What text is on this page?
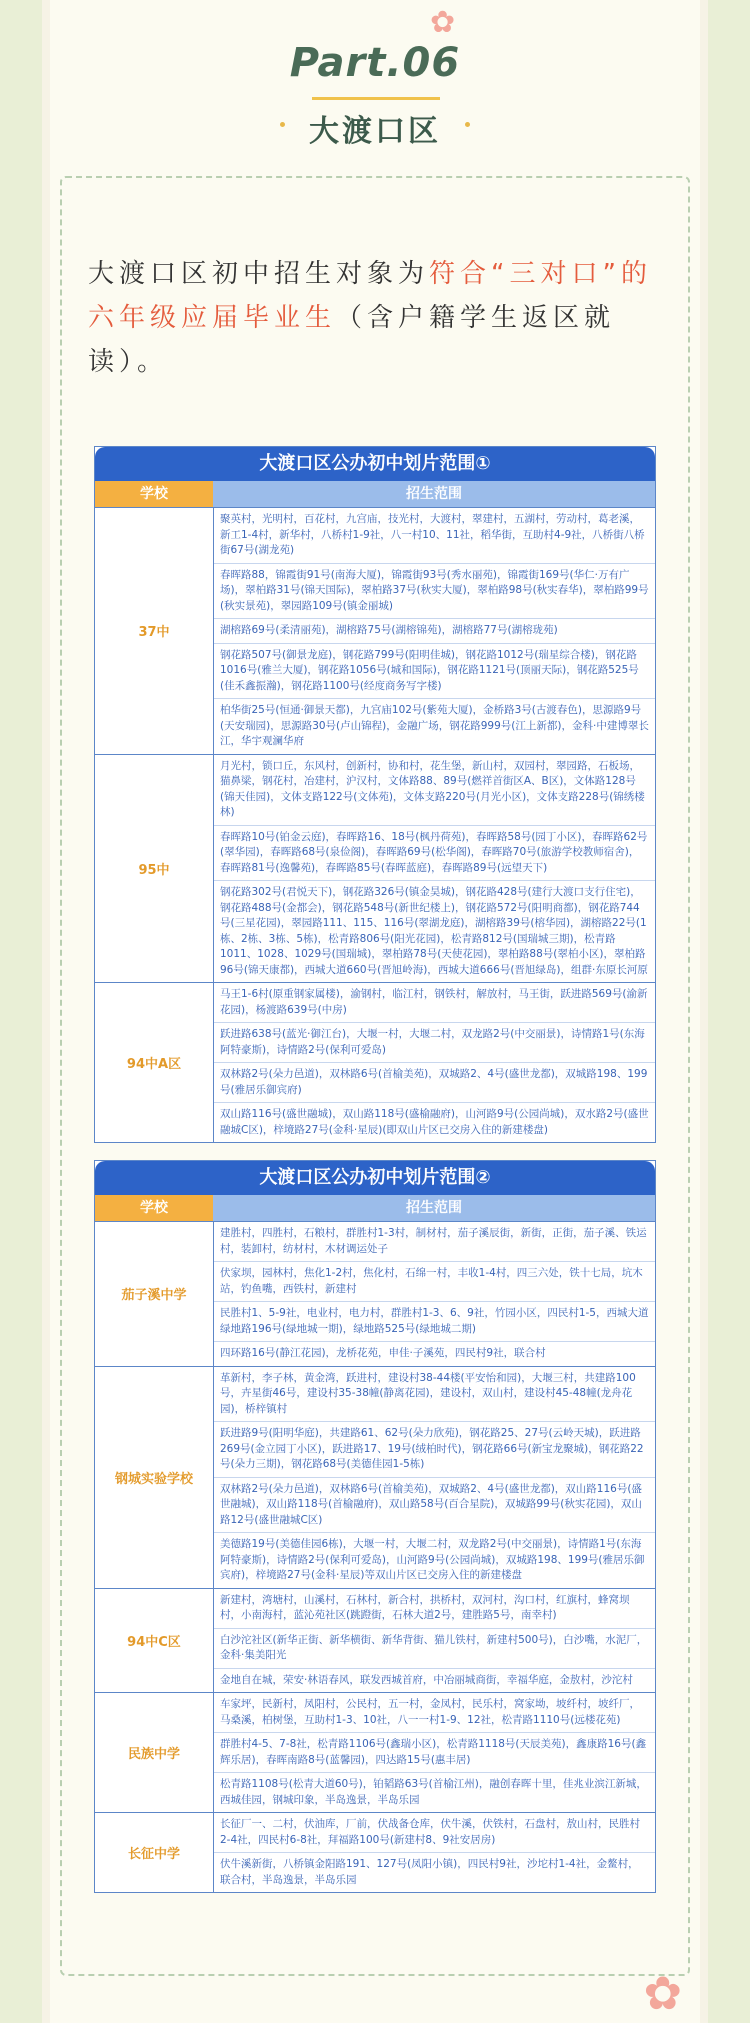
✿
Part.06
大渡口区
大渡口区初中招生对象为符合“三对口”的六年级应届毕业生（含户籍学生返区就读）。
大渡口区公办初中划片范围①
学校	招生范围
37中
聚英村，光明村，百花村，九宫庙，技光村，大渡村，翠建村，五湖村，劳动村，葛老溪，新工1-4村，新华村，八桥村1-9社，八一村10、11社，稻华街，互助村4-9社，八桥街八桥街67号(湖龙苑)
春晖路88，锦霞街91号(南海大厦)，锦霞街93号(秀水丽苑)，锦霞街169号(华仁·万有广场)，翠柏路31号(锦天国际)，翠柏路37号(秋实大厦)，翠柏路98号(秋实春华)，翠柏路99号(秋实景苑)，翠园路109号(镇金丽城)
湖榕路69号(柔清丽苑)，湖榕路75号(湖榕锦苑)，湖榕路77号(湖榕珑苑)
钢花路507号(御景龙庭)，钢花路799号(阳明佳城)，钢花路1012号(瑞星综合楼)，钢花路1016号(雅兰大厦)，钢花路1056号(城和国际)，钢花路1121号(顶丽天际)，钢花路525号(佳禾鑫振瀚)，钢花路1100号(经度商务写字楼)
柏华街25号(恒通·御景天都)，九宫庙102号(紫苑大厦)，金桥路3号(古渡春色)，思源路9号(天安瑞园)，思源路30号(卢山锦程)，金融广场，钢花路999号(江上新都)，金科·中建博翠长江，华宇观澜华府
95中
月光村，锁口丘，东风村，创新村，协和村，花生堡，新山村，双园村，翠园路，石板场，猫鼻梁，钢花村，冶建村，沪汉村，文体路88、89号(燃祥首街区A、B区)，文体路128号(锦天佳园)，文体支路122号(文体苑)，文体支路220号(月光小区)，文体支路228号(锦绣楼林)
春晖路10号(铂金云庭)，春晖路16、18号(枫丹荷苑)，春晖路58号(园丁小区)，春晖路62号(翠华园)，春晖路68号(泉俭阁)，春晖路69号(松华阁)，春晖路70号(旅游学校教师宿舍)，春晖路81号(逸馨苑)，春晖路85号(春晖蓝庭)，春晖路89号(远望天下)
钢花路302号(君悦天下)，钢花路326号(镇金昊城)，钢花路428号(建行大渡口支行住宅)，钢花路488号(金都会)，钢花路548号(新世纪楼上)，钢花路572号(阳明商都)，钢花路744号(三星花园)，翠园路111、115、116号(翠湖龙庭)，湖榕路39号(榕华园)，湖榕路22号(1栋、2栋、3栋、5栋)，松青路806号(阳光花园)，松青路812号(国瑞城三期)，松青路1011、1028、1029号(国瑞城)，翠柏路78号(天使花园)，翠柏路88号(翠柏小区)，翠柏路96号(锦天康都)，西城大道660号(晋旭岭海)，西城大道666号(晋旭绿岛)，组群·东原长河原
94中A区
马王1-6村(原重钢家属楼)，渝钢村，临江村，钢铁村，解放村，马王街，跃进路569号(渝新花园)，杨渡路639号(中房)
跃进路638号(蓝光·御江台)，大堰一村，大堰二村，双龙路2号(中交丽景)，诗情路1号(东海阿特豪斯)，诗情路2号(保利可爱岛)
双林路2号(朵力邑道)，双林路6号(首榆美苑)，双城路2、4号(盛世龙都)，双城路198、199号(雅居乐御宾府)
双山路116号(盛世融城)，双山路118号(盛榆融府)，山河路9号(公园尚城)，双水路2号(盛世融城C区)，梓境路27号(金科·星辰)(即双山片区已交房入住的新建楼盘)
大渡口区公办初中划片范围②
学校	招生范围
茄子溪中学
建胜村，四胜村，石粮村，群胜村1-3村，制材村，茄子溪辰街，新街，正街，茄子溪、铁运村，装卸村，纺材村，木材调运处子
伏家坝，园林村，焦化1-2村，焦化村，石绵一村，丰收1-4村，四三六处，铁十七局，坑木站，钓鱼嘴，西铁村，新建村
民胜村1、5-9社，电业村，电力村，群胜村1-3、6、9社，竹园小区，四民村1-5，西城大道绿地路196号(绿地城一期)，绿地路525号(绿地城二期)
四环路16号(静江花园)，龙桥花苑，申佳·子溪苑，四民村9社，联合村
钢城实验学校
革新村，李子林，黄金湾，跃进村，建设村38-44楼(平安怡和园)，大堰三村，共建路100号，卉星街46号，建设村35-38幢(静离花园)，建设村，双山村，建设村45-48幢(龙舟花园)，桥梓镇村
跃进路9号(阳明华庭)，共建路61、62号(朵力欣苑)，钢花路25、27号(云岭天城)，跃进路269号(金立园丁小区)，跃进路17、19号(绒柏时代)，钢花路66号(新宝龙聚城)，钢花路22号(朵力三期)，钢花路68号(美德佳园1-5栋)
双林路2号(朵力邑道)，双林路6号(首榆美苑)，双城路2、4号(盛世龙都)，双山路116号(盛世融城)，双山路118号(首榆融府)，双山路58号(百合星院)，双城路99号(秋实花园)，双山路12号(盛世融城C区)
美德路19号(美德佳园6栋)，大堰一村，大堰二村，双龙路2号(中交丽景)，诗情路1号(东海阿特豪斯)，诗情路2号(保利可爱岛)，山河路9号(公园尚城)，双城路198、199号(雅居乐御宾府)，梓境路27号(金科·星辰)等双山片区已交房入住的新建楼盘
94中C区
新建村，湾塘村，山溪村，石林村，新合村，拱桥村，双河村，沟口村，红旗村，蜂窝坝村，小南海村，蓝沁苑社区(跳蹬街，石林大道2号，建胜路5号，南幸村)
白沙沱社区(新华正街、新华横街、新华背街、猫儿铁村，新建村500号)，白沙嘴，水泥厂，金科·集美阳光
金地自在城，荣安·林语春风，联发西城首府，中冶丽城商街，幸福华庭，金敖村，沙沱村
民族中学
车家坪，民新村，凤阳村，公民村，五一村，金凤村，民乐村，窝家坳，坡纤村，坡纤厂，马桑溪，柏树堡，互助村1-3、10社，八一一村1-9、12社，松青路1110号(远楼花苑)
群胜村4-5、7-8社，松青路1106号(鑫瑞小区)，松青路1118号(天辰美苑)，鑫康路16号(鑫辉乐居)，春晖南路8号(蓝馨园)，四达路15号(惠丰居)
松青路1108号(松青大道60号)，铂韬路63号(首榆江州)，融创春晖十里，佳兆业滨江新城，西城佳园，钢城印象，半岛逸景，半岛乐园
长征中学
长征厂一、二村，伏油库，厂前，伏战备仓库，伏牛溪，伏铁村，石盘村，敖山村，民胜村2-4社，四民村6-8社，拜福路100号(新建村8、9社安居房)
伏牛溪新街，八桥镇金阳路191、127号(凤阳小镇)，四民村9社，沙坨村1-4社，金鳌村，联合村，半岛逸景，半岛乐园
✿
